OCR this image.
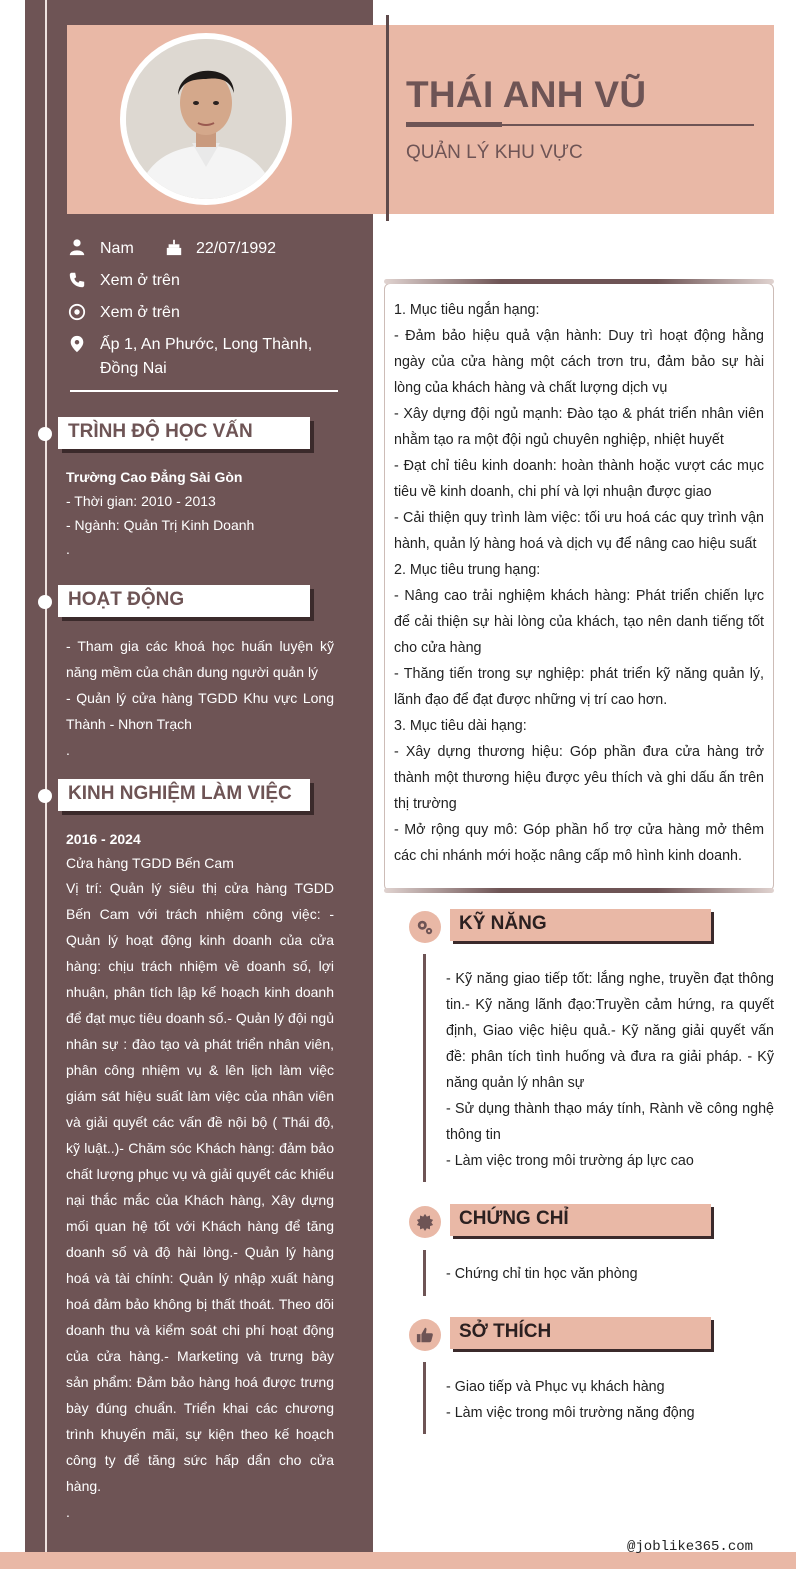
THÁI ANH VŨ
QUẢN LÝ KHU VỰC
Nam	22/07/1992
Xem ở trên
Xem ở trên
Ấp 1, An Phước, Long Thành,
Đồng Nai
TRÌNH ĐỘ HỌC VẤN
Trường Cao Đẳng Sài Gòn
- Thời gian: 2010 - 2013
- Ngành: Quản Trị Kinh Doanh
.
HOẠT ĐỘNG
- Tham gia các khoá học huấn luyện kỹ năng mềm của chân dung người quản lý
- Quản lý cửa hàng TGDD Khu vực Long Thành - Nhơn Trạch
.
KINH NGHIỆM LÀM VIỆC
2016 - 2024
Cửa hàng TGDD Bến Cam
Vị trí: Quản lý siêu thị cửa hàng TGDD Bến Cam với trách nhiệm công việc: - Quản lý hoạt động kinh doanh của cửa hàng: chịu trách nhiệm về doanh số, lợi nhuận, phân tích lập kế hoạch kinh doanh để đạt mục tiêu doanh số.- Quản lý đội ngủ nhân sự : đào tạo và phát triển nhân viên, phân công nhiệm vụ & lên lịch làm việc giám sát hiệu suất làm việc của nhân viên và giải quyết các vấn đề nội bộ ( Thái độ, kỹ luật..)- Chăm sóc Khách hàng: đảm bảo chất lượng phục vụ và giải quyết các khiếu nại thắc mắc của Khách hàng, Xây dựng mối quan hệ tốt với Khách hàng để tăng doanh số và độ hài lòng.- Quản lý hàng hoá và tài chính: Quản lý nhập xuất hàng hoá đảm bảo không bị thất thoát. Theo dõi doanh thu và kiểm soát chi phí hoạt động của cửa hàng.- Marketing và trưng bày sản phẩm: Đảm bảo hàng hoá được trưng bày đúng chuẩn. Triển khai các chương trình khuyến mãi, sự kiện theo kế hoạch công ty để tăng sức hấp dẩn cho cửa hàng.
.
1. Mục tiêu ngắn hạng:
- Đảm bảo hiệu quả vận hành: Duy trì hoạt động hằng ngày của cửa hàng một cách trơn tru, đảm bảo sự hài lòng của khách hàng và chất lượng dịch vụ
- Xây dựng đội ngủ mạnh: Đào tạo & phát triển nhân viên nhằm tạo ra một đội ngủ chuyên nghiệp, nhiệt huyết
- Đạt chỉ tiêu kinh doanh: hoàn thành hoặc vượt các mục tiêu về kinh doanh, chi phí và lợi nhuận được giao
- Cải thiện quy trình làm việc: tối ưu hoá các quy trình vận hành, quản lý hàng hoá và dịch vụ để nâng cao hiệu suất
2. Mục tiêu trung hạng:
- Nâng cao trải nghiệm khách hàng: Phát triển chiến lực để cải thiện sự hài lòng của khách, tạo nên danh tiếng tốt cho cửa hàng
- Thăng tiến trong sự nghiệp: phát triển kỹ năng quản lý, lãnh đạo để đạt được những vị trí cao hơn.
3. Mục tiêu dài hạng:
- Xây dựng thương hiệu: Góp phần đưa cửa hàng trở thành một thương hiệu được yêu thích và ghi dấu ấn trên thị trường
- Mở rộng quy mô: Góp phần hổ trợ cửa hàng mở thêm các chi nhánh mới hoặc nâng cấp mô hình kinh doanh.
KỸ NĂNG
- Kỹ năng giao tiếp tốt: lắng nghe, truyền đạt thông tin.- Kỹ năng lãnh đạo:Truyền cảm hứng, ra quyết định, Giao việc hiệu quả.- Kỹ năng giải quyết vấn đề: phân tích tình huống và đưa ra giải pháp. - Kỹ năng quản lý nhân sự
- Sử dụng thành thạo máy tính, Rành về công nghệ thông tin
- Làm việc trong môi trường áp lực cao
CHỨNG CHỈ
- Chứng chỉ tin học văn phòng
SỞ THÍCH
- Giao tiếp và Phục vụ khách hàng
- Làm việc trong môi trường năng động
@joblike365.com
